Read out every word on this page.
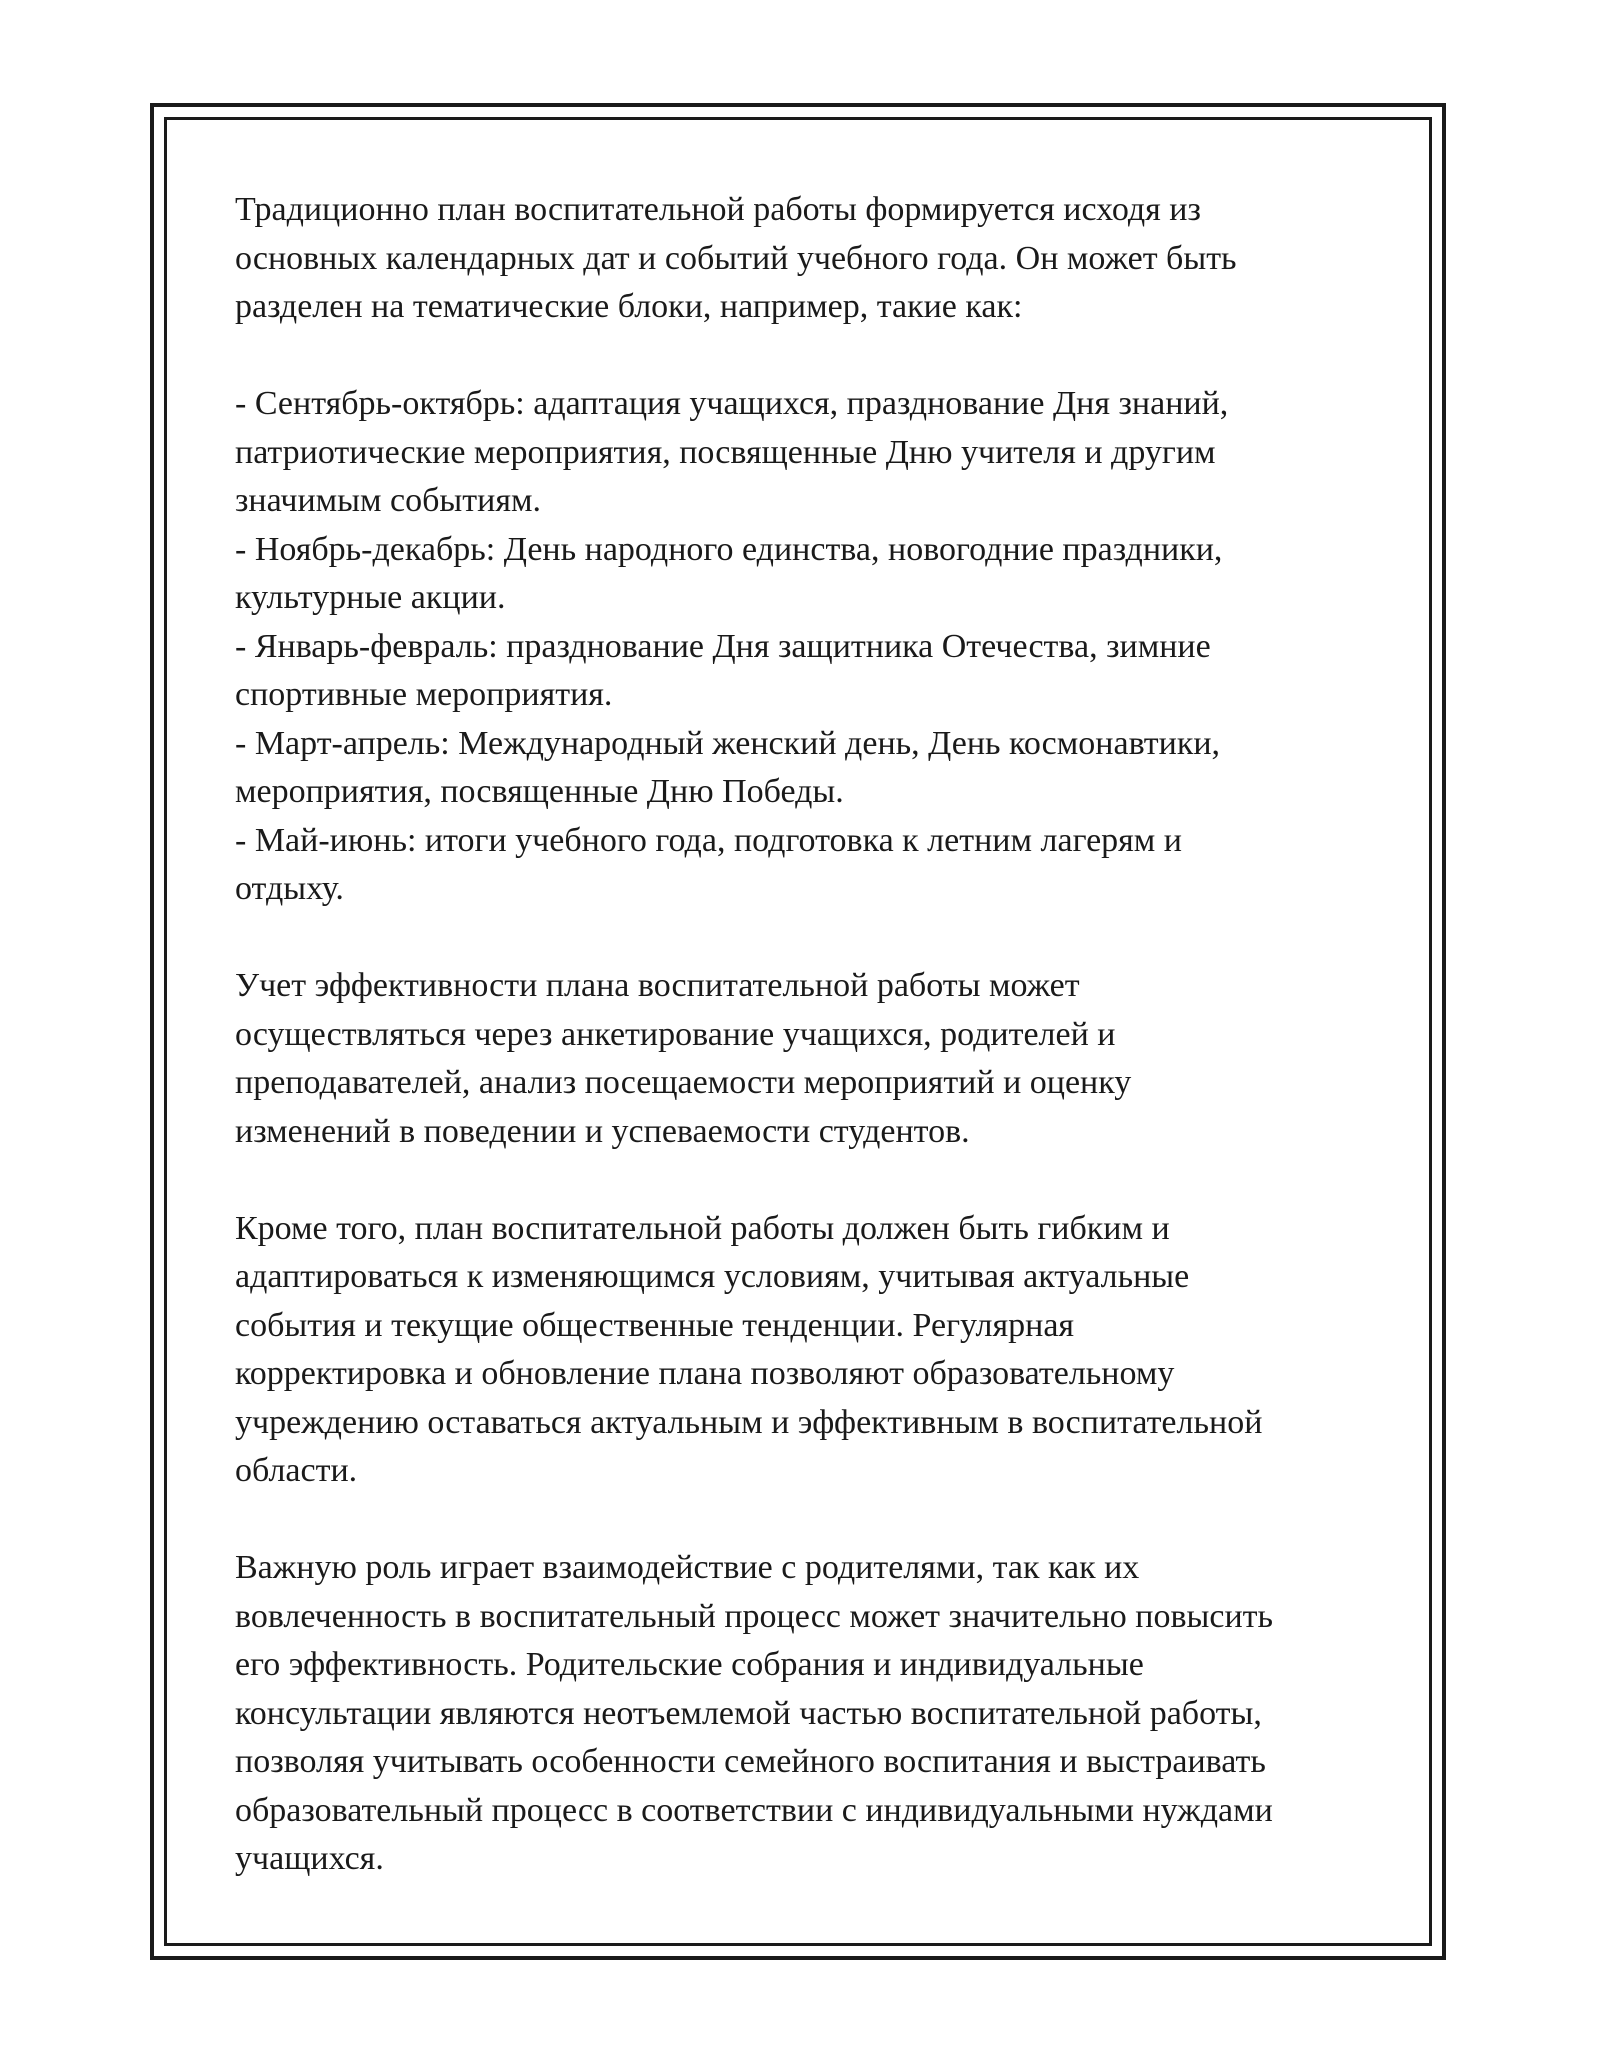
Традиционно план воспитательной работы формируется исходя из
основных календарных дат и событий учебного года. Он может быть
разделен на тематические блоки, например, такие как:
- Сентябрь-октябрь: адаптация учащихся, празднование Дня знаний,
патриотические мероприятия, посвященные Дню учителя и другим
значимым событиям.
- Ноябрь-декабрь: День народного единства, новогодние праздники,
культурные акции.
- Январь-февраль: празднование Дня защитника Отечества, зимние
спортивные мероприятия.
- Март-апрель: Международный женский день, День космонавтики,
мероприятия, посвященные Дню Победы.
- Май-июнь: итоги учебного года, подготовка к летним лагерям и
отдыху.
Учет эффективности плана воспитательной работы может
осуществляться через анкетирование учащихся, родителей и
преподавателей, анализ посещаемости мероприятий и оценку
изменений в поведении и успеваемости студентов.
Кроме того, план воспитательной работы должен быть гибким и
адаптироваться к изменяющимся условиям, учитывая актуальные
события и текущие общественные тенденции. Регулярная
корректировка и обновление плана позволяют образовательному
учреждению оставаться актуальным и эффективным в воспитательной
области.
Важную роль играет взаимодействие с родителями, так как их
вовлеченность в воспитательный процесс может значительно повысить
его эффективность. Родительские собрания и индивидуальные
консультации являются неотъемлемой частью воспитательной работы,
позволяя учитывать особенности семейного воспитания и выстраивать
образовательный процесс в соответствии с индивидуальными нуждами
учащихся.
